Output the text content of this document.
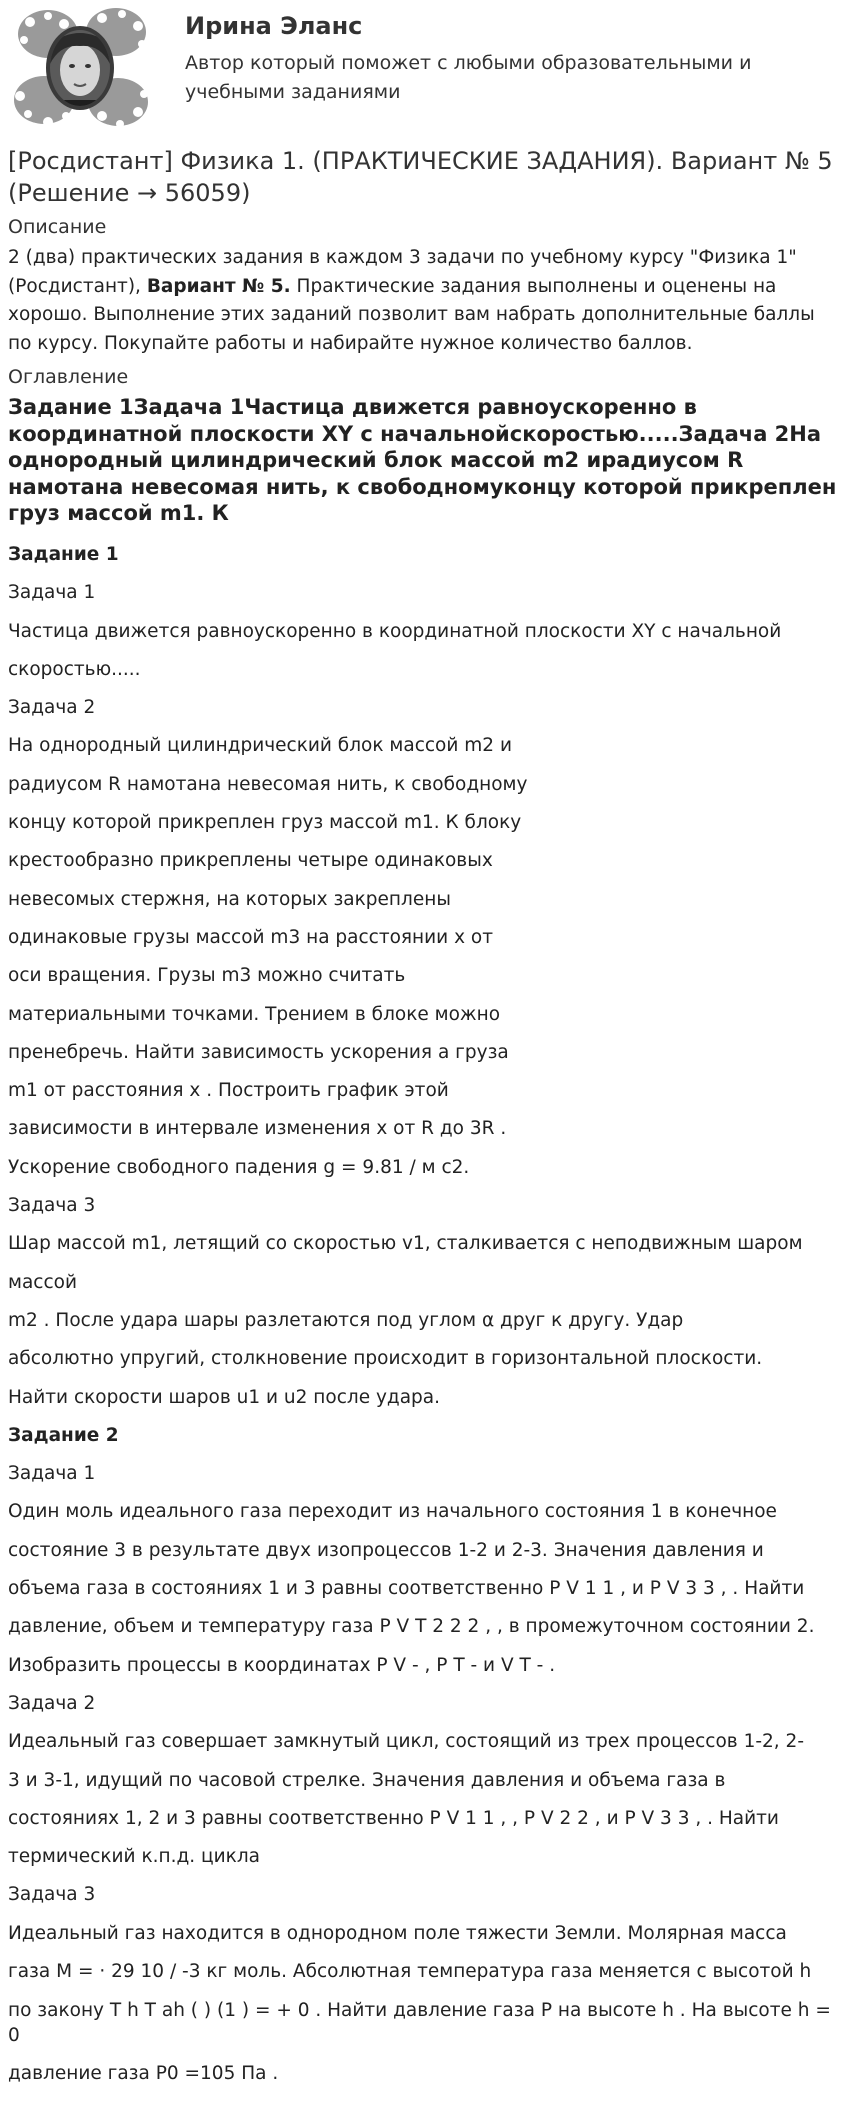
Ирина Эланс
Автор который поможет с любыми образовательными и учебными заданиями
[Росдистант] Физика 1. (ПРАКТИЧЕСКИЕ ЗАДАНИЯ). Вариант № 5 (Решение → 56059)
Описание
2 (два) практических задания в каждом 3 задачи по учебному курсу "Физика 1" (Росдистант), Вариант № 5. Практические задания выполнены и оценены на хорошо. Выполнение этих заданий позволит вам набрать дополнительные баллы по курсу. Покупайте работы и набирайте нужное количество баллов.
Оглавление
Задание 1Задача 1Частица движется равноускоренно в координатной плоскости XY с начальнойскоростью.....Задача 2На однородный цилиндрический блок массой m2 ирадиусом R намотана невесомая нить, к свободномуконцу которой прикреплен груз массой m1. К
Задание 1
Задача 1
Частица движется равноускоренно в координатной плоскости XY с начальной
скоростью.....
Задача 2
На однородный цилиндрический блок массой m2 и
радиусом R намотана невесомая нить, к свободному
концу которой прикреплен груз массой m1. К блоку
крестообразно прикреплены четыре одинаковых
невесомых стержня, на которых закреплены
одинаковые грузы массой m3 на расстоянии x от
оси вращения. Грузы m3 можно считать
материальными точками. Трением в блоке можно
пренебречь. Найти зависимость ускорения a груза
m1 от расстояния x . Построить график этой
зависимости в интервале изменения x от R до 3R .
Ускорение свободного падения g = 9.81 / м с2.
Задача 3
Шар массой m1, летящий со скоростью v1, сталкивается с неподвижным шаром
массой
m2 . После удара шары разлетаются под углом α друг к другу. Удар
абсолютно упругий, столкновение происходит в горизонтальной плоскости.
Найти скорости шаров u1 и u2 после удара.
Задание 2
Задача 1
Один моль идеального газа переходит из начального состояния 1 в конечное
состояние 3 в результате двух изопроцессов 1-2 и 2-3. Значения давления и
объема газа в состояниях 1 и 3 равны соответственно P V 1 1 , и P V 3 3 , . Найти
давление, объем и температуру газа P V T 2 2 2 , , в промежуточном состоянии 2.
Изобразить процессы в координатах P V - , P T - и V T - .
Задача 2
Идеальный газ совершает замкнутый цикл, состоящий из трех процессов 1-2, 2-
3 и 3-1, идущий по часовой стрелке. Значения давления и объема газа в
состояниях 1, 2 и 3 равны соответственно P V 1 1 , , P V 2 2 , и P V 3 3 , . Найти
термический к.п.д. цикла
Задача 3
Идеальный газ находится в однородном поле тяжести Земли. Молярная масса
газа M = · 29 10 / -3 кг моль. Абсолютная температура газа меняется с высотой h
по закону T h T ah ( ) (1 ) = + 0 . Найти давление газа P на высоте h . На высоте h = 0
давление газа P0 =105 Па .
